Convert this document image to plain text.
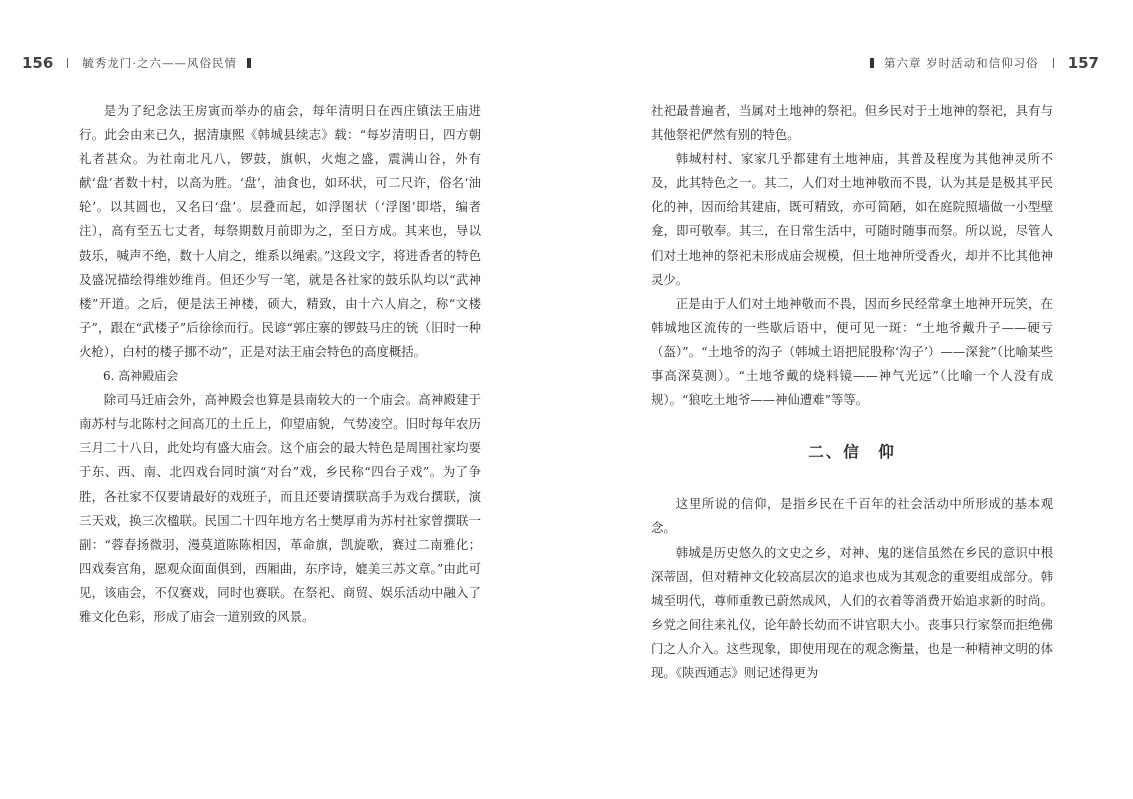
156	毓秀龙门·之六——风俗民情	第六章 岁时活动和信仰习俗 157

是为了纪念法王房寅而举办的庙会，每年清明日在西庄镇法王庙进行。此会由来已久，据清康熙《韩城县续志》载：“每岁清明日，四方朝礼者甚众。为社南北凡八，锣鼓，旗帜，火炮之盛，震满山谷，外有献‘盘’者数十村，以高为胜。‘盘’，油食也，如环状，可二尺许，俗名‘油轮’。以其圆也，又名曰‘盘’。层叠而起，如浮图状（‘浮图’即塔，编者注），高有至五七丈者，每祭期数月前即为之，至日方成。其来也，导以鼓乐，喊声不绝，数十人肩之，维系以绳索。”这段文字，将进香者的特色及盛况描绘得维妙维肖。但还少写一笔，就是各社家的鼓乐队均以“武神楼”开道。之后，便是法王神楼，硕大，精致，由十六人肩之，称“文楼子”，跟在“武楼子”后徐徐而行。民谚“郭庄寨的锣鼓马庄的铳（旧时一种火枪），白村的楼子挪不动”，正是对法王庙会特色的高度概括。

6. 高神殿庙会

除司马迁庙会外，高神殿会也算是县南较大的一个庙会。高神殿建于南苏村与北陈村之间高兀的土丘上，仰望庙貌，气势凌空。旧时每年农历三月二十八日，此处均有盛大庙会。这个庙会的最大特色是周围社家均要于东、西、南、北四戏台同时演“对台”戏，乡民称“四台子戏”。为了争胜，各社家不仅要请最好的戏班子，而且还要请撰联高手为戏台撰联，演三天戏，换三次楹联。民国二十四年地方名士樊厚甫为苏村社家曾撰联一副：“蓉春扬微羽，漫莫道陈陈相因，革命旗，凯旋歌，赛过二南雅化；四戏奏宫角，愿观众面面俱到，西厢曲，东序诗，媲美三苏文章。”由此可见，该庙会，不仅赛戏，同时也赛联。在祭祀、商贸、娱乐活动中融入了雅文化色彩，形成了庙会一道别致的风景。

社祀最普遍者，当属对土地神的祭祀。但乡民对于土地神的祭祀，具有与其他祭祀俨然有别的特色。

韩城村村、家家几乎都建有土地神庙，其普及程度为其他神灵所不及，此其特色之一。其二，人们对土地神敬而不畏，认为其是是极其平民化的神，因而给其建庙，既可精致，亦可简陋，如在庭院照墙做一小型壁龛，即可敬奉。其三，在日常生活中，可随时随事而祭。所以说，尽管人们对土地神的祭祀未形成庙会规模，但土地神所受香火，却并不比其他神灵少。

正是由于人们对土地神敬而不畏，因而乡民经常拿土地神开玩笑，在韩城地区流传的一些歇后语中，便可见一斑：“土地爷戴升子——硬亏（盔）”。“土地爷的沟子（韩城土语把屁股称‘沟子’）——深瓮”（比喻某些事高深莫测）。“土地爷戴的烧料镜——神气光远”（比喻一个人没有成规）。“狼吃土地爷——神仙遭难”等等。

二、信　仰

这里所说的信仰，是指乡民在千百年的社会活动中所形成的基本观念。

韩城是历史悠久的文史之乡，对神、鬼的迷信虽然在乡民的意识中根深蒂固，但对精神文化较高层次的追求也成为其观念的重要组成部分。韩城至明代，尊师重教已蔚然成风，人们的衣着等消费开始追求新的时尚。乡党之间往来礼仪，论年龄长幼而不讲官职大小。丧事只行家祭而拒绝佛门之人介入。这些现象，即使用现在的观念衡量，也是一种精神文明的体现。《陕西通志》则记述得更为
